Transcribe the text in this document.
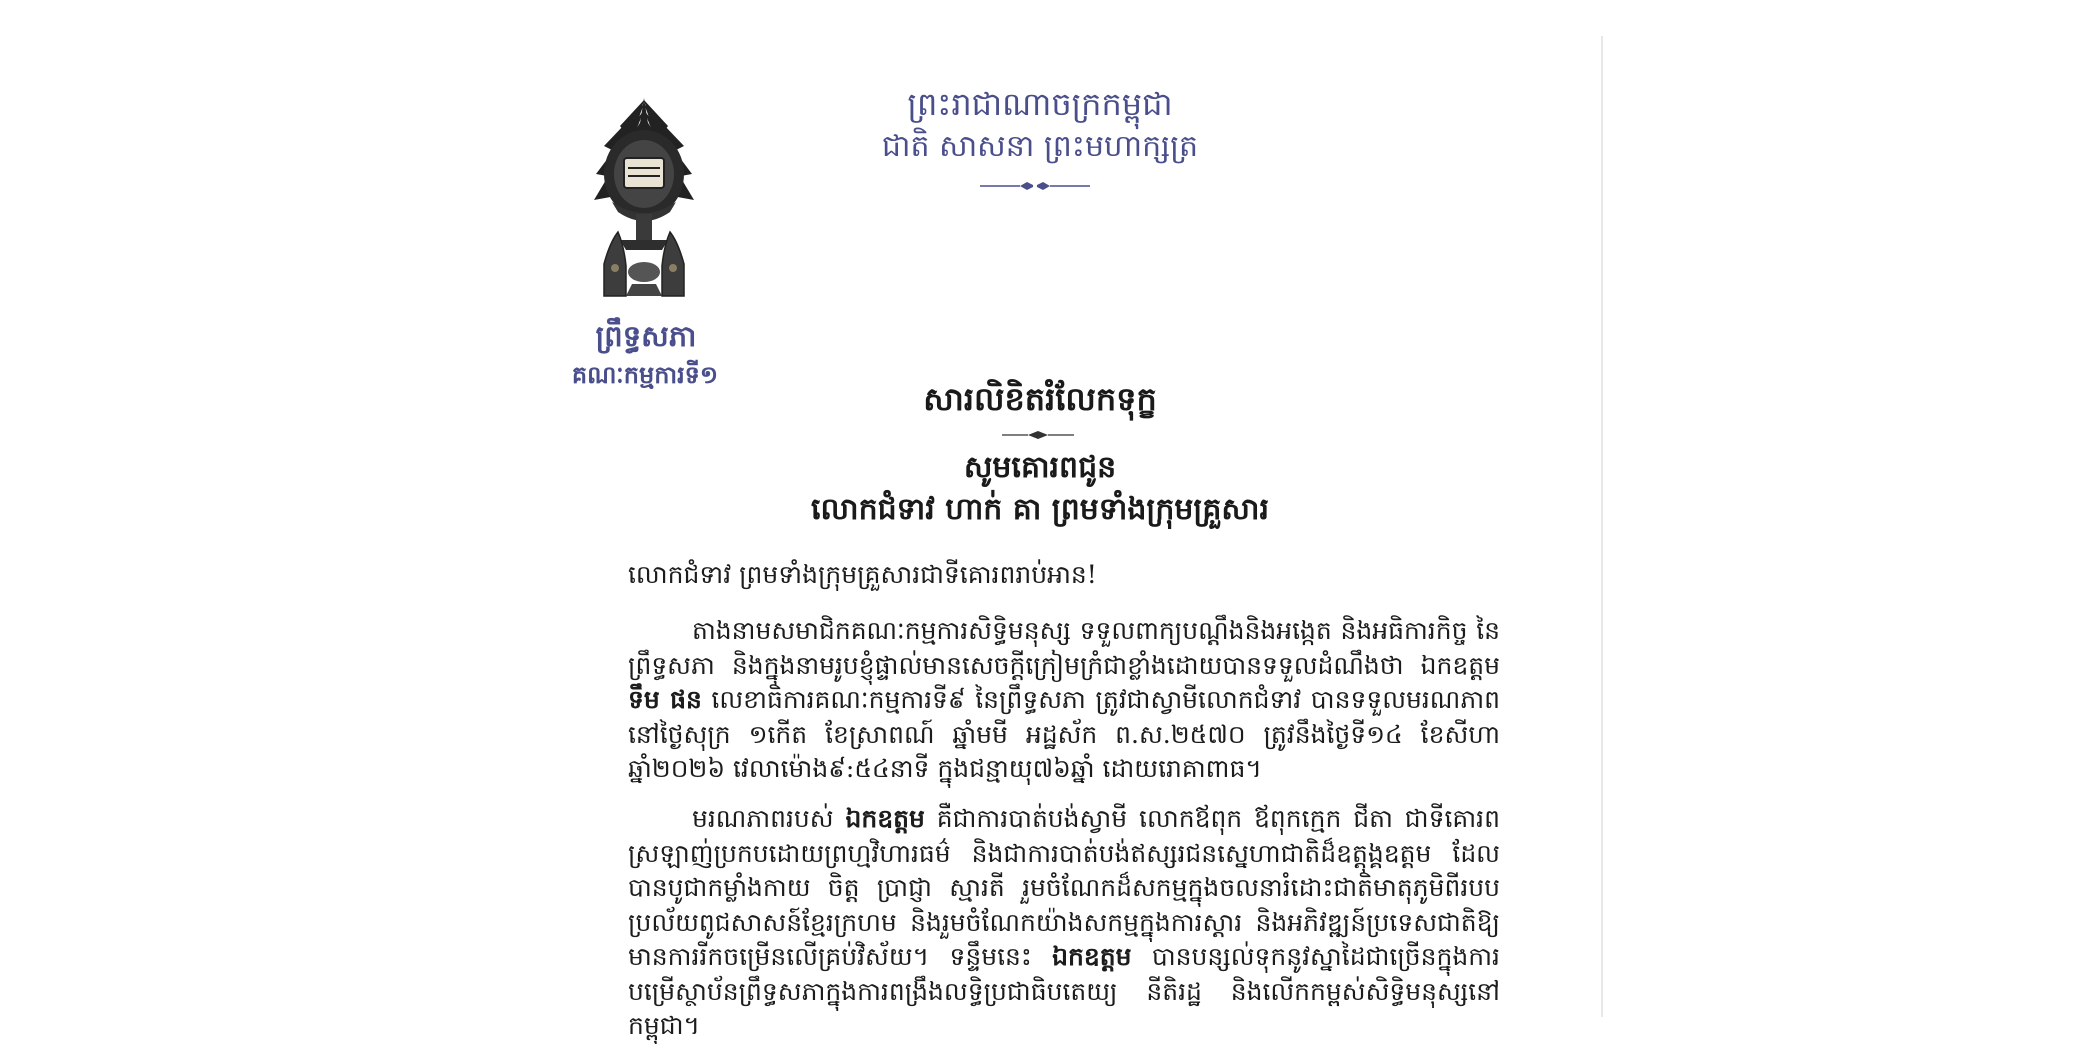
ព្រឹទ្ធសភា
គណៈកម្មការទី១
ព្រះរាជាណាចក្រកម្ពុជា
ជាតិ សាសនា ព្រះមហាក្សត្រ
សារលិខិតរំលែកទុក្ខ
សូមគោរពជូន
លោកជំទាវ ហាក់ គា ព្រមទាំងក្រុមគ្រួសារ
លោកជំទាវ ព្រមទាំងក្រុមគ្រួសារជាទីគោរពរាប់អាន!
តាងនាមសមាជិកគណៈកម្មការសិទ្ធិមនុស្ស ទទួលពាក្យបណ្ដឹងនិងអង្កេត និងអធិការកិច្ច នៃព្រឹទ្ធសភា និងក្នុងនាមរូបខ្ញុំផ្ទាល់មានសេចក្ដីក្រៀមក្រំជាខ្លាំងដោយបានទទួលដំណឹងថា ឯកឧត្តម ទឹម ផន លេខាធិការគណៈកម្មការទី៩ នៃព្រឹទ្ធសភា ត្រូវជាស្វាមីលោកជំទាវ បានទទួលមរណភាពនៅថ្ងៃសុក្រ ១កើត ខែស្រាពណ៍ ឆ្នាំមមី អដ្ឋស័ក ព.ស.២៥៧០ ត្រូវនឹងថ្ងៃទី១៤ ខែសីហា ឆ្នាំ២០២៦ វេលាម៉ោង៩:៥៤នាទី ក្នុងជន្មាយុ៧៦ឆ្នាំ ដោយរោគាពាធ។
មរណភាពរបស់ ឯកឧត្តម គឺជាការបាត់បង់ស្វាមី លោកឪពុក ឪពុកក្មេក ជីតា ជាទីគោរពស្រឡាញ់ប្រកបដោយព្រហ្មវិហារធម៌ និងជាការបាត់បង់ឥស្សរជនស្នេហាជាតិដ៏ឧត្តុង្គឧត្តម ដែលបានបូជាកម្លាំងកាយ ចិត្ត ប្រាជ្ញា ស្មារតី រួមចំណែកដ៏សកម្មក្នុងចលនារំដោះជាតិមាតុភូមិពីរបបប្រល័យពូជសាសន៍ខ្មែរក្រហម និងរួមចំណែកយ៉ាងសកម្មក្នុងការស្តារ និងអភិវឌ្ឍន៍ប្រទេសជាតិឱ្យមានការរីកចម្រើនលើគ្រប់វិស័យ។ ទន្ទឹមនេះ ឯកឧត្តម បានបន្សល់ទុកនូវស្នាដៃជាច្រើនក្នុងការបម្រើស្ថាប័នព្រឹទ្ធសភាក្នុងការពង្រឹងលទ្ធិប្រជាធិបតេយ្យ នីតិរដ្ឋ និងលើកកម្ពស់សិទ្ធិមនុស្សនៅកម្ពុជា។
